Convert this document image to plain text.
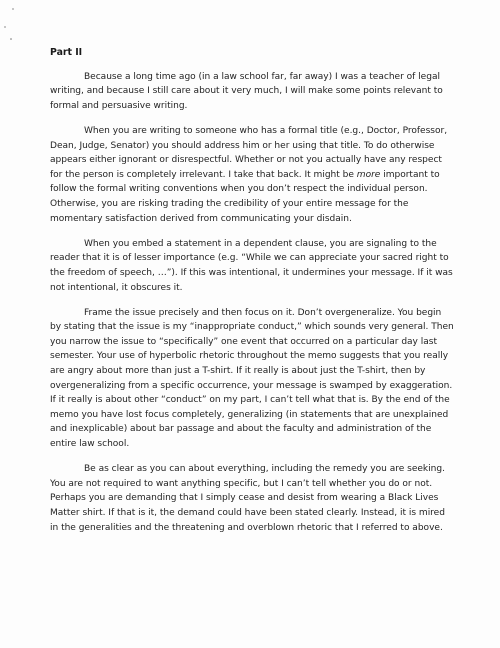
Part II

Because a long time ago (in a law school far, far away) I was a teacher of legal writing, and because I still care about it very much, I will make some points relevant to formal and persuasive writing.

When you are writing to someone who has a formal title (e.g., Doctor, Professor, Dean, Judge, Senator) you should address him or her using that title. To do otherwise appears either ignorant or disrespectful. Whether or not you actually have any respect for the person is completely irrelevant. I take that back. It might be more important to follow the formal writing conventions when you don’t respect the individual person. Otherwise, you are risking trading the credibility of your entire message for the momentary satisfaction derived from communicating your disdain.

When you embed a statement in a dependent clause, you are signaling to the reader that it is of lesser importance (e.g. “While we can appreciate your sacred right to the freedom of speech, …”). If this was intentional, it undermines your message. If it was not intentional, it obscures it.

Frame the issue precisely and then focus on it. Don’t overgeneralize. You begin by stating that the issue is my “inappropriate conduct,” which sounds very general. Then you narrow the issue to “specifically” one event that occurred on a particular day last semester. Your use of hyperbolic rhetoric throughout the memo suggests that you really are angry about more than just a T-shirt. If it really is about just the T-shirt, then by overgeneralizing from a specific occurrence, your message is swamped by exaggeration. If it really is about other “conduct” on my part, I can’t tell what that is. By the end of the memo you have lost focus completely, generalizing (in statements that are unexplained and inexplicable) about bar passage and about the faculty and administration of the entire law school.

Be as clear as you can about everything, including the remedy you are seeking. You are not required to want anything specific, but I can’t tell whether you do or not. Perhaps you are demanding that I simply cease and desist from wearing a Black Lives Matter shirt. If that is it, the demand could have been stated clearly. Instead, it is mired in the generalities and the threatening and overblown rhetoric that I referred to above.
